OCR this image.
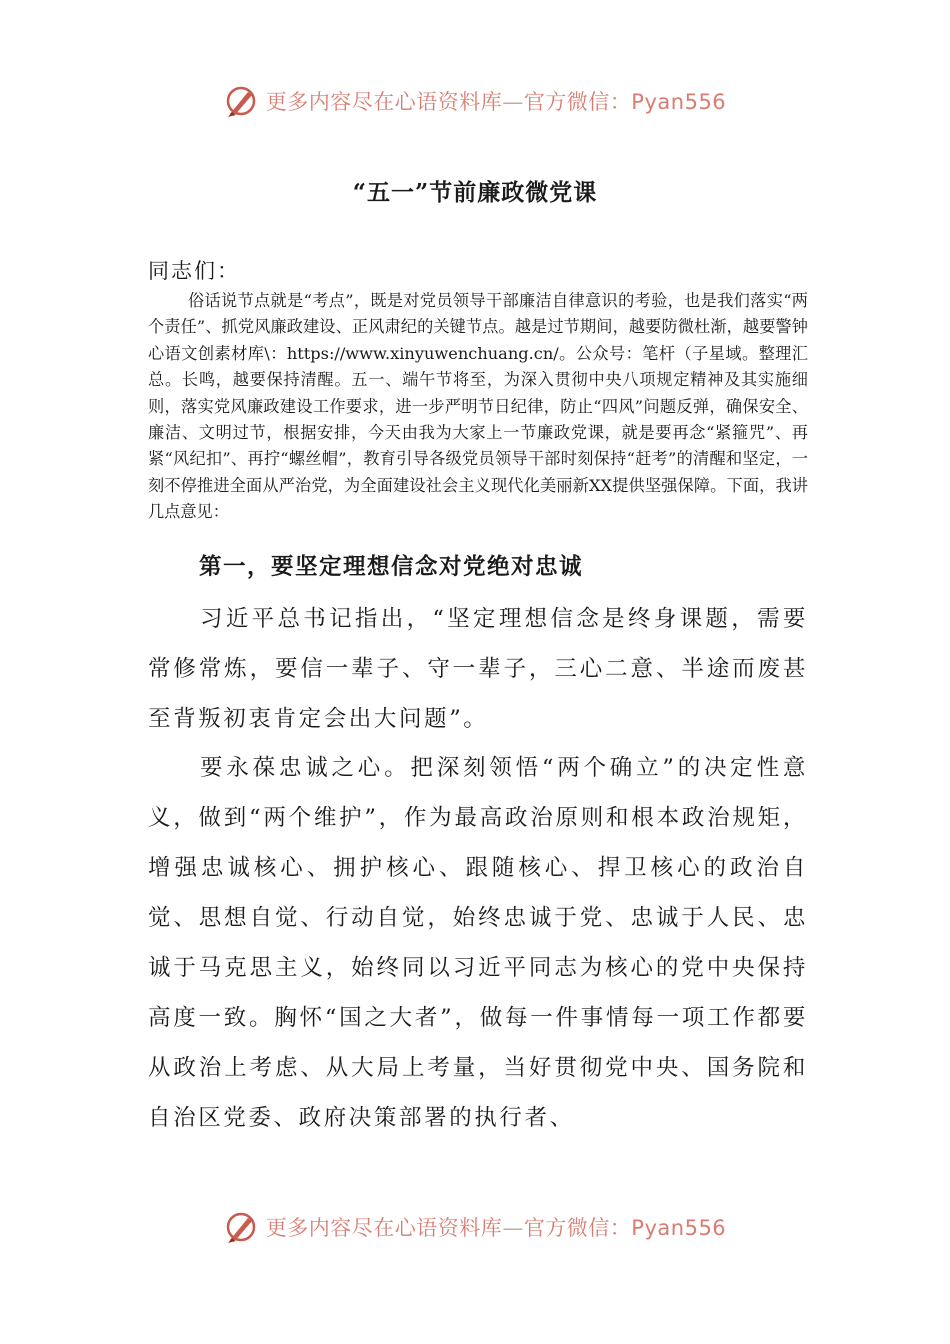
更多内容尽在心语资料库—官方微信：Pyan556
“五一”节前廉政微党课
同志们：

俗话说节点就是“考点”，既是对党员领导干部廉洁自律意识的考验，也是我们落实“两个责任”、抓党风廉政建设、正风肃纪的关键节点。越是过节期间，越要防微杜渐，越要警钟心语文创素材库\：https://www.xinyuwenchuang.cn/。公众号：笔杆（子星域。整理汇总。长鸣，越要保持清醒。五一、端午节将至，为深入贯彻中央八项规定精神及其实施细则，落实党风廉政建设工作要求，进一步严明节日纪律，防止“四风”问题反弹，确保安全、廉洁、文明过节，根据安排，今天由我为大家上一节廉政党课，就是要再念“紧箍咒”、再紧“风纪扣”、再拧“螺丝帽”，教育引导各级党员领导干部时刻保持“赶考”的清醒和坚定，一刻不停推进全面从严治党，为全面建设社会主义现代化美丽新XX提供坚强保障。下面，我讲几点意见：

第一，要坚定理想信念对党绝对忠诚

习近平总书记指出，“坚定理想信念是终身课题，需要常修常炼，要信一辈子、守一辈子，三心二意、半途而废甚至背叛初衷肯定会出大问题”。

要永葆忠诚之心。把深刻领悟“两个确立”的决定性意义，做到“两个维护”，作为最高政治原则和根本政治规矩，增强忠诚核心、拥护核心、跟随核心、捍卫核心的政治自觉、思想自觉、行动自觉，始终忠诚于党、忠诚于人民、忠诚于马克思主义，始终同以习近平同志为核心的党中央保持高度一致。胸怀“国之大者”，做每一件事情每一项工作都要从政治上考虑、从大局上考量，当好贯彻党中央、国务院和自治区党委、政府决策部署的执行者、

更多内容尽在心语资料库—官方微信：Pyan556
